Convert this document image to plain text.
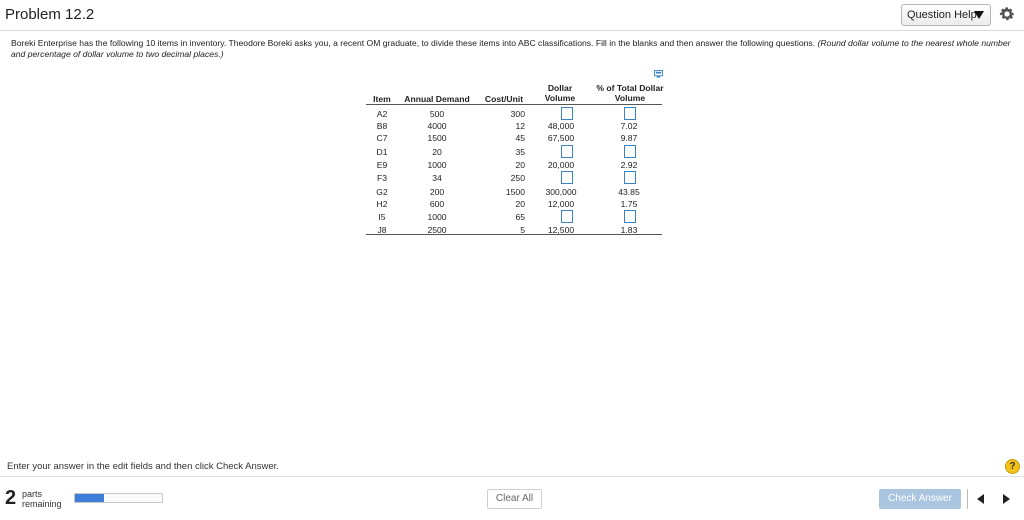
Problem 12.2	Question Help
Boreki Enterprise has the following 10 items in inventory. Theodore Boreki asks you, a recent OM graduate, to divide these items into ABC classifications. Fill in the blanks and then answer the following questions. (Round dollar volume to the nearest whole number and percentage of dollar volume to two decimal places.)
Item	Annual Demand	Cost/Unit
Dollar
Volume
% of Total Dollar
Volume
A2	500	300
B8	4000	12	48,000	7.02
C7	1500	45	67,500	9.87
D1	20	35
E9	1000	20	20,000	2.92
F3	34	250
G2	200	1500	300,000	43.85
H2	600	20	12,000	1.75
I5	1000	65
J8	2500	5	12,500	1.83
Enter your answer in the edit fields and then click Check Answer.	?
2 parts
remaining	Clear All	Check Answer
